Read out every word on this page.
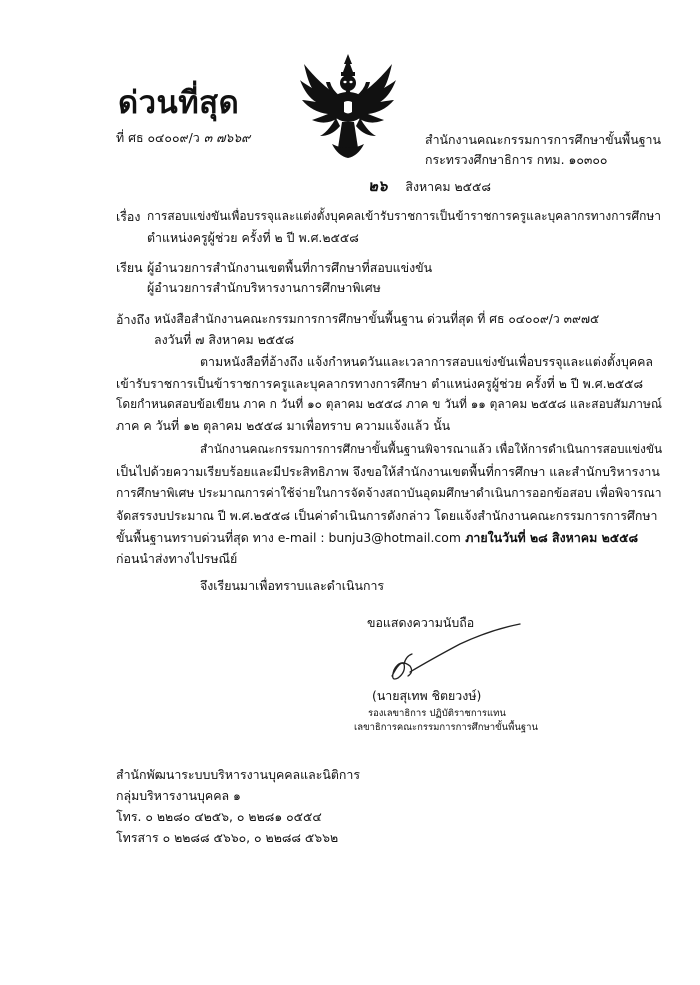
ด่วนที่สุด
ที่ ศธ ๐๔๐๐๙/ว ๓ ๗๖๖๙	สำนักงานคณะกรรมการการศึกษาขั้นพื้นฐาน
กระทรวงศึกษาธิการ กทม. ๑๐๓๐๐
๒๖ สิงหาคม ๒๕๕๘
เรื่อง การสอบแข่งขันเพื่อบรรจุและแต่งตั้งบุคคลเข้ารับราชการเป็นข้าราชการครูและบุคลากรทางการศึกษา
ตำแหน่งครูผู้ช่วย ครั้งที่ ๒ ปี พ.ศ.๒๕๕๘
เรียน ผู้อำนวยการสำนักงานเขตพื้นที่การศึกษาที่สอบแข่งขัน
ผู้อำนวยการสำนักบริหารงานการศึกษาพิเศษ
อ้างถึง หนังสือสำนักงานคณะกรรมการการศึกษาขั้นพื้นฐาน ด่วนที่สุด ที่ ศธ ๐๔๐๐๙/ว ๓๙๗๕
ลงวันที่ ๗ สิงหาคม ๒๕๕๘
ตามหนังสือที่อ้างถึง แจ้งกำหนดวันและเวลาการสอบแข่งขันเพื่อบรรจุและแต่งตั้งบุคคล
เข้ารับราชการเป็นข้าราชการครูและบุคลากรทางการศึกษา ตำแหน่งครูผู้ช่วย ครั้งที่ ๒ ปี พ.ศ.๒๕๕๘
โดยกำหนดสอบข้อเขียน ภาค ก วันที่ ๑๐ ตุลาคม ๒๕๕๘ ภาค ข วันที่ ๑๑ ตุลาคม ๒๕๕๘ และสอบสัมภาษณ์
ภาค ค วันที่ ๑๒ ตุลาคม ๒๕๕๘ มาเพื่อทราบ ความแจ้งแล้ว นั้น
สำนักงานคณะกรรมการการศึกษาขั้นพื้นฐานพิจารณาแล้ว เพื่อให้การดำเนินการสอบแข่งขัน
เป็นไปด้วยความเรียบร้อยและมีประสิทธิภาพ จึงขอให้สำนักงานเขตพื้นที่การศึกษา และสำนักบริหารงาน
การศึกษาพิเศษ ประมาณการค่าใช้จ่ายในการจัดจ้างสถาบันอุดมศึกษาดำเนินการออกข้อสอบ เพื่อพิจารณา
จัดสรรงบประมาณ ปี พ.ศ.๒๕๕๘ เป็นค่าดำเนินการดังกล่าว โดยแจ้งสำนักงานคณะกรรมการการศึกษา
ขั้นพื้นฐานทราบด่วนที่สุด ทาง e-mail : bunju3@hotmail.com ภายในวันที่ ๒๘ สิงหาคม ๒๕๕๘
ก่อนนำส่งทางไปรษณีย์
จึงเรียนมาเพื่อทราบและดำเนินการ
ขอแสดงความนับถือ
(นายสุเทพ ชิตยวงษ์)
รองเลขาธิการ ปฏิบัติราชการแทน
เลขาธิการคณะกรรมการการศึกษาขั้นพื้นฐาน
สำนักพัฒนาระบบบริหารงานบุคคลและนิติการ
กลุ่มบริหารงานบุคคล ๑
โทร. ๐ ๒๒๘๐ ๔๒๕๖, ๐ ๒๒๘๑ ๐๕๕๔
โทรสาร ๐ ๒๒๘๘ ๕๖๖๐, ๐ ๒๒๘๘ ๕๖๖๒
